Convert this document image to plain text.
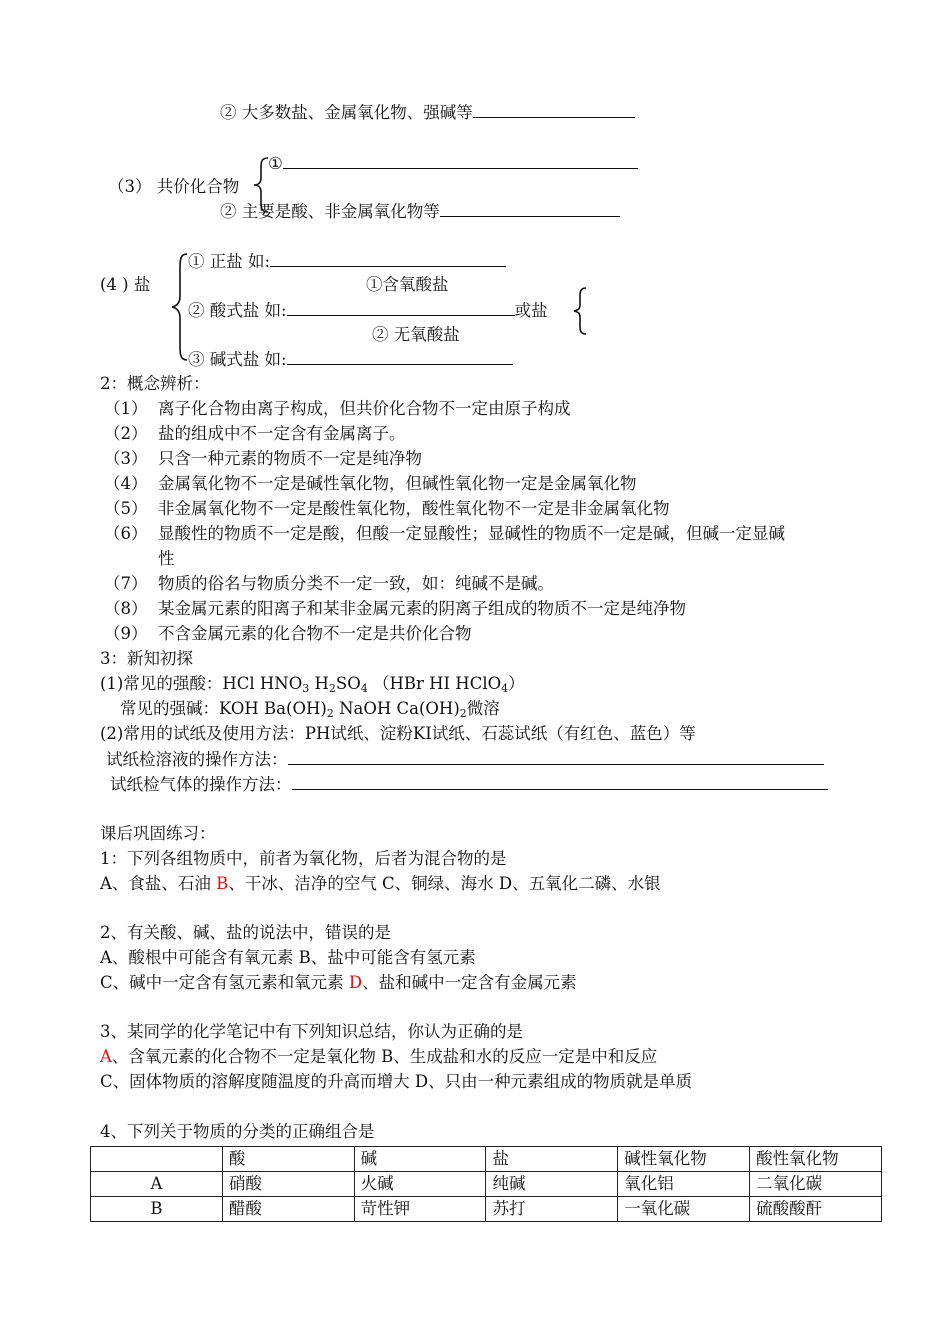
② 大多数盐、金属氧化物、强碱等
①
（3） 共价化合物
② 主要是酸、非金属氧化物等
① 正盐 如:
①含氧酸盐
(4 ) 盐
② 酸式盐 如:	或盐
② 无氧酸盐
③ 碱式盐 如:
2：概念辨析：
（1） 离子化合物由离子构成，但共价化合物不一定由原子构成
（2） 盐的组成中不一定含有金属离子。
（3） 只含一种元素的物质不一定是纯净物
（4） 金属氧化物不一定是碱性氧化物，但碱性氧化物一定是金属氧化物
（5） 非金属氧化物不一定是酸性氧化物，酸性氧化物不一定是非金属氧化物
（6） 显酸性的物质不一定是酸，但酸一定显酸性；显碱性的物质不一定是碱，但碱一定显碱
性
（7） 物质的俗名与物质分类不一定一致，如：纯碱不是碱。
（8） 某金属元素的阳离子和某非金属元素的阴离子组成的物质不一定是纯净物
（9） 不含金属元素的化合物不一定是共价化合物
3：新知初探
(1)常见的强酸：HCl $HNO_3$ $H_2SO_4$ （HBr HI HClO$_4$）
常见的强碱：KOH $Ba(OH)_2$ NaOH $Ca(OH)_2$微溶
(2)常用的试纸及使用方法：PH试纸、淀粉KI试纸、石蕊试纸（有红色、蓝色）等
试纸检溶液的操作方法：
试纸检气体的操作方法：
课后巩固练习：
1：下列各组物质中，前者为氧化物，后者为混合物的是
A、食盐、石油 B、干冰、洁净的空气 C、铜绿、海水 D、五氧化二磷、水银
2、有关酸、碱、盐的说法中，错误的是
A、酸根中可能含有氧元素 B、盐中可能含有氢元素
C、碱中一定含有氢元素和氧元素 D、盐和碱中一定含有金属元素
3、某同学的化学笔记中有下列知识总结，你认为正确的是
A、含氧元素的化合物不一定是氧化物 B、生成盐和水的反应一定是中和反应
C、固体物质的溶解度随温度的升高而增大 D、只由一种元素组成的物质就是单质
4、下列关于物质的分类的正确组合是
	酸	碱	盐	碱性氧化物	酸性氧化物
A	硝酸	火碱	纯碱	氧化铝	二氧化碳
B	醋酸	苛性钾	苏打	一氧化碳	硫酸酸酐
